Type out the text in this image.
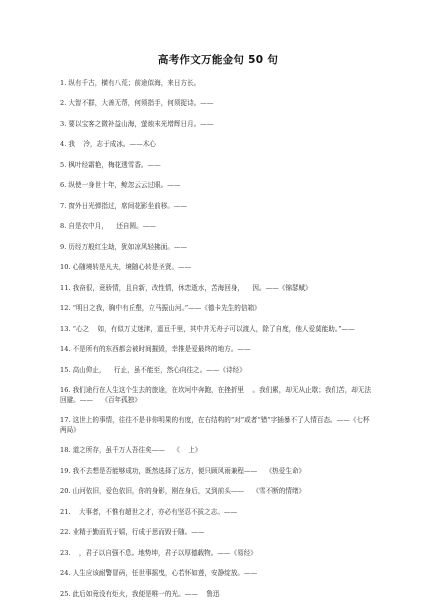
高考作文万能金句 50 句
1. 纵有千古，横有八荒；前途似海，来日方长。
2. 大智不群，大善无帮，何须指手，何须捉诗。——
3. 要以宝客之微补益山海，萤烛末光增辉日月。——
4. 我    冷，志于成冰。——木心
5. 枫叶经霜艳，梅花透雪香。——
6. 纵使一身世十年，鲸忽云云过眼。——
7. 窗外日光弹指过，席间花影坐前移。——
8. 自是衣中月，    还自圆。——
9. 历经万般红尘劫，犹如凉风轻拂面。——
10. 心随境转是凡夫，境随心转是圣贤。——
11. 我奋很，竟骄情，且自新，改性情，休恋逝水，苦海回身，    因。——《锦瑟赋》
12. “明日之我，胸中有丘壑，立马振山河。”——《德卡先生的信箱》
13. “心之    如，有似万丈迷津，遥亘千里，其中并无舟子可以渡人，除了自度，他人爱莫能助。”——
14. 不是所有的东西都会被时间摧毁，幸推是爱最终的地方。——
15. 高山仰止，    行止，虽不能至，然心向往之。——《诗经》
16. 我们途行在人生这个生去的旅途，在坎坷中奔跑，在挫折里    。我们累，却无从止歇；我们苦，却无法回避。——    《百年孤独》
17. 这世上的事情，往往不是非你明果的有度，在右结构的“对”或者“错”字插暴不了人情百态。——《七杯两局》
18. 道之所存，虽千万人吾往矣——    《    上》
19. 我不去想是否能够成功，既然选择了远方，便只顾风雨兼程——    《热爱生命》
20. 山河依旧，爱色依旧，你的身影，刚在身后，又到前头——    《雪不断的情绪》
21.    大事者，不惟有超世之才，亦必有坚忍不拔之志。——
22. 业精于勤而荒于嬉，行成于思而毁于随。——
23.    ，君子以自强不息。地势坤，君子以厚德载物。——《易经》
24. 人生应该耐警冒码，任世事摇曳，心若怀如莲，安静绽放。——
25. 此后如竟没有炬火，我便是唯一的光。——    鲁迅
